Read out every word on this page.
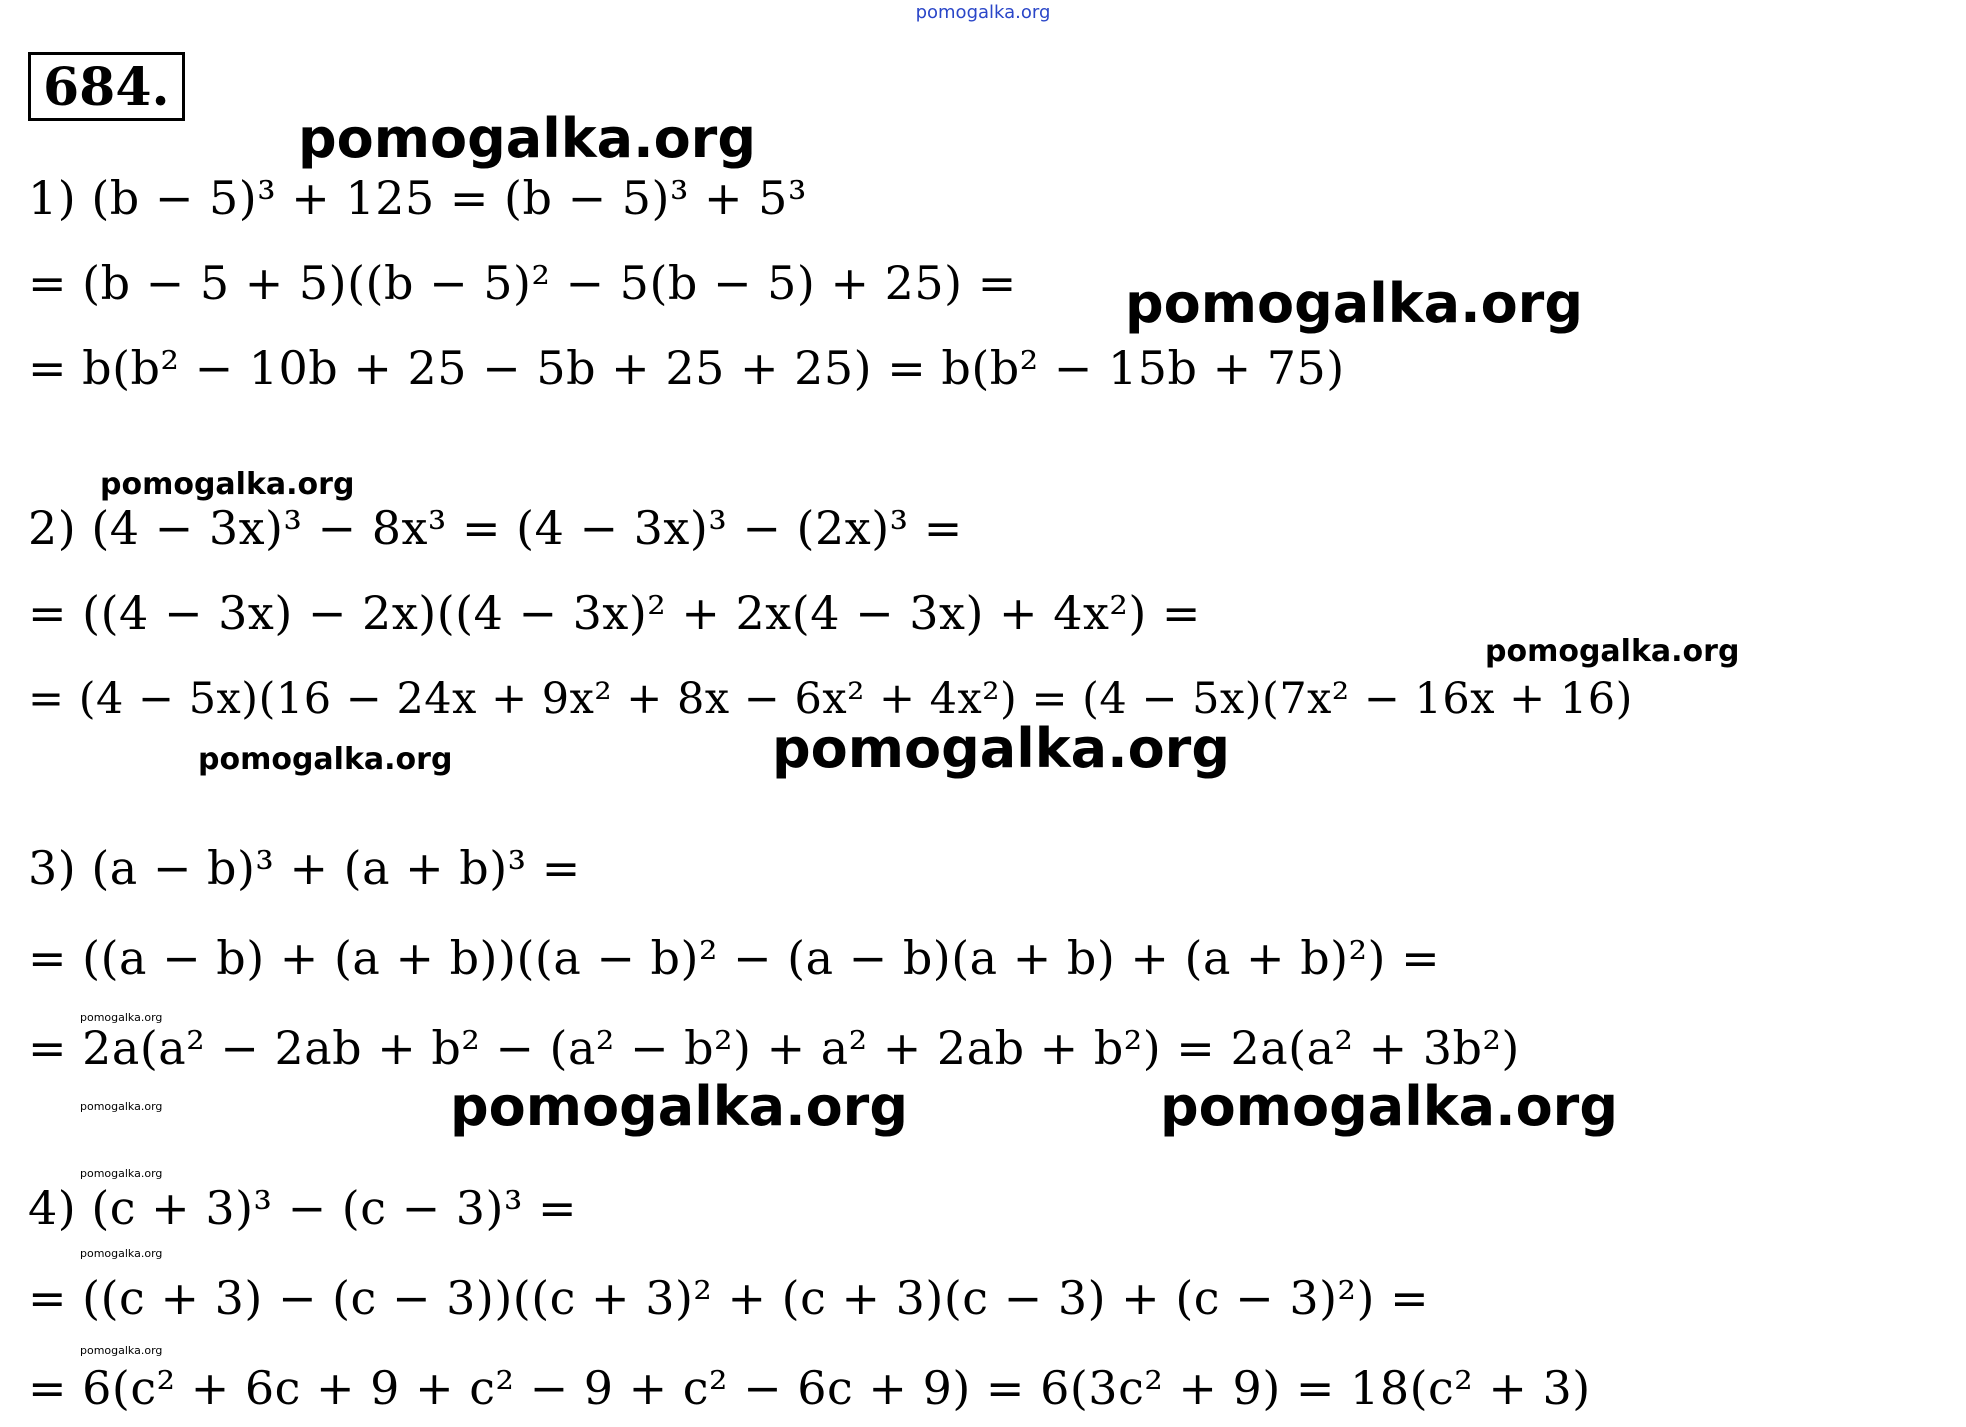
pomogalka.org
684.
1) (b − 5)³ + 125 = (b − 5)³ + 5³
= (b − 5 + 5)((b − 5)² − 5(b − 5) + 25) =
= b(b² − 10b + 25 − 5b + 25 + 25) = b(b² − 15b + 75)
2) (4 − 3x)³ − 8x³ = (4 − 3x)³ − (2x)³ =
= ((4 − 3x) − 2x)((4 − 3x)² + 2x(4 − 3x) + 4x²) =
= (4 − 5x)(16 − 24x + 9x² + 8x − 6x² + 4x²) = (4 − 5x)(7x² − 16x + 16)
3) (a − b)³ + (a + b)³ =
= ((a − b) + (a + b))((a − b)² − (a − b)(a + b) + (a + b)²) =
= 2a(a² − 2ab + b² − (a² − b²) + a² + 2ab + b²) = 2a(a² + 3b²)
4) (c + 3)³ − (c − 3)³ =
= ((c + 3) − (c − 3))((c + 3)² + (c + 3)(c − 3) + (c − 3)²) =
= 6(c² + 6c + 9 + c² − 9 + c² − 6c + 9) = 6(3c² + 9) = 18(c² + 3)
pomogalka.org
pomogalka.org
pomogalka.org
pomogalka.org
pomogalka.org	pomogalka.org
pomogalka.org
pomogalka.org	pomogalka.org	pomogalka.org
pomogalka.org
pomogalka.org
pomogalka.org
